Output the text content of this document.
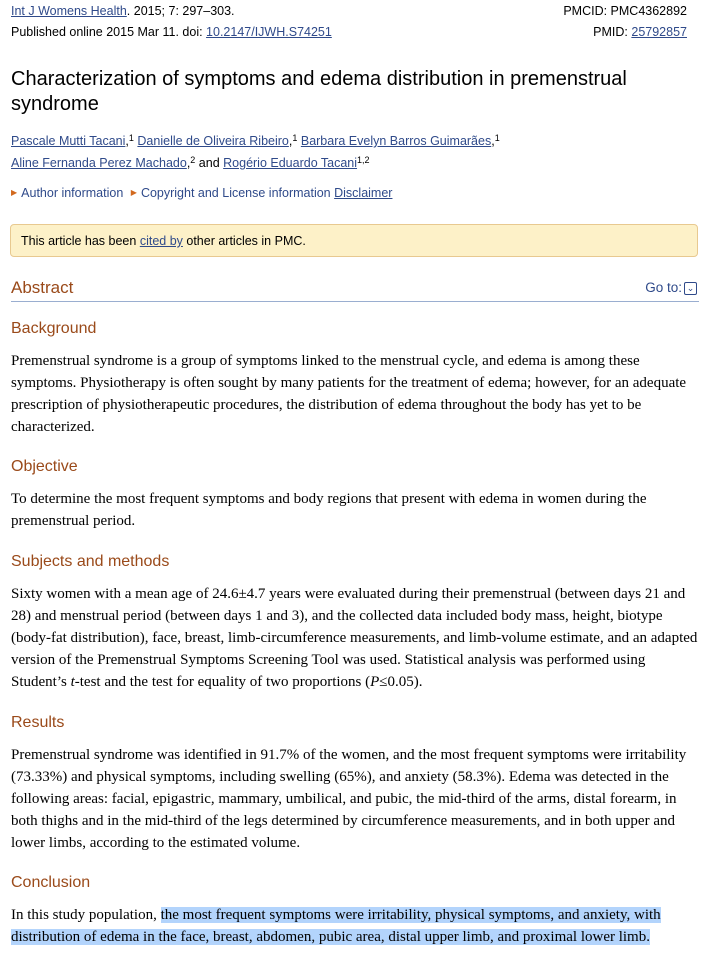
Int J Womens Health. 2015; 7: 297–303.
Published online 2015 Mar 11. doi: 10.2147/IJWH.S74251
PMCID: PMC4362892
PMID: 25792857
Characterization of symptoms and edema distribution in premenstrual syndrome
Pascale Mutti Tacani,$^1$ Danielle de Oliveira Ribeiro,$^1$ Barbara Evelyn Barros Guimarães,$^1$
Aline Fernanda Perez Machado,$^2$ and Rogério Eduardo Tacani$^{1,2}$
▶ Author information ▶ Copyright and License information Disclaimer
This article has been cited by other articles in PMC.
Abstract	Go to: ⌄
Background
Premenstrual syndrome is a group of symptoms linked to the menstrual cycle, and edema is among these symptoms. Physiotherapy is often sought by many patients for the treatment of edema; however, for an adequate prescription of physiotherapeutic procedures, the distribution of edema throughout the body has yet to be characterized.
Objective
To determine the most frequent symptoms and body regions that present with edema in women during the premenstrual period.
Subjects and methods
Sixty women with a mean age of 24.6±4.7 years were evaluated during their premenstrual (between days 21 and 28) and menstrual period (between days 1 and 3), and the collected data included body mass, height, biotype (body-fat distribution), face, breast, limb-circumference measurements, and limb-volume estimate, and an adapted version of the Premenstrual Symptoms Screening Tool was used. Statistical analysis was performed using Student’s t-test and the test for equality of two proportions (P≤0.05).
Results
Premenstrual syndrome was identified in 91.7% of the women, and the most frequent symptoms were irritability (73.33%) and physical symptoms, including swelling (65%), and anxiety (58.3%). Edema was detected in the following areas: facial, epigastric, mammary, umbilical, and pubic, the mid-third of the arms, distal forearm, in both thighs and in the mid-third of the legs determined by circumference measurements, and in both upper and lower limbs, according to the estimated volume.
Conclusion
In this study population, the most frequent symptoms were irritability, physical symptoms, and anxiety, with distribution of edema in the face, breast, abdomen, pubic area, distal upper limb, and proximal lower limb.
